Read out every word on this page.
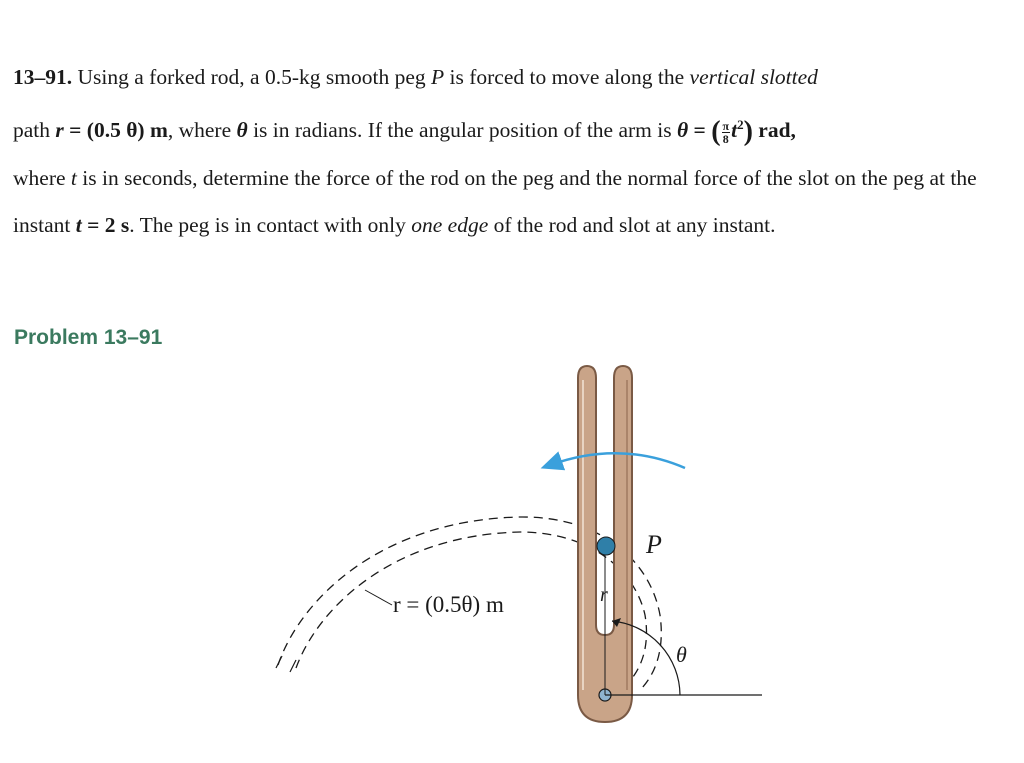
13–91. Using a forked rod, a 0.5-kg smooth peg P is forced to move along the vertical slotted
path r = (0.5 θ) m, where θ is in radians. If the angular position of the arm is θ = ( $\frac{\pi}{8} t^2$) rad,
where t is in seconds, determine the force of the rod on the peg and the normal force of the slot on the peg at the instant t = 2 s. The peg is in contact with only one edge of the rod and slot at any instant.
Problem 13–91
P
r
r = (0.5θ) m
θ
